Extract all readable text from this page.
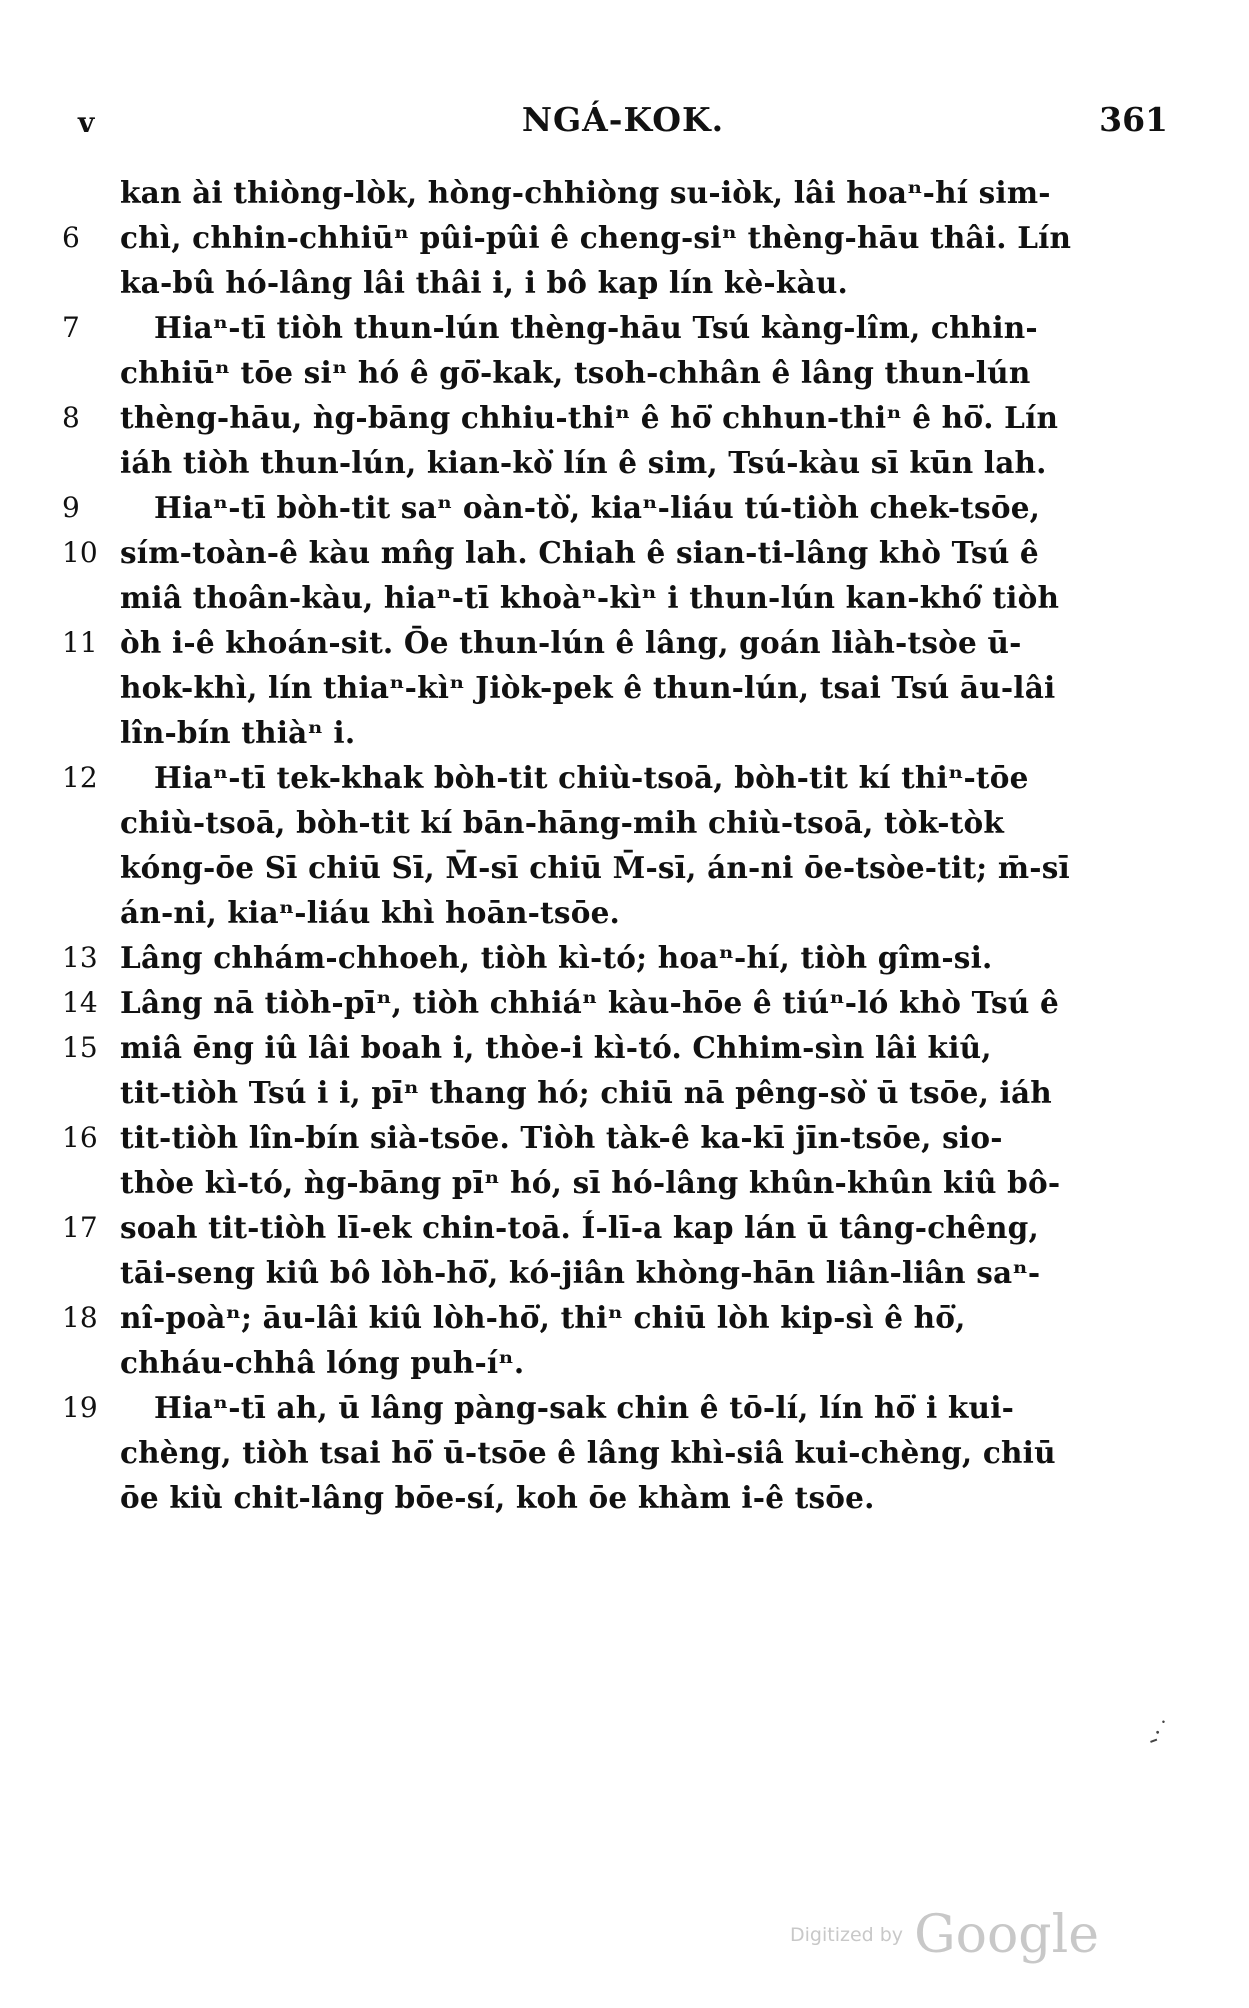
v	NGÁ-KOK.	361
kan ài thiòng-lòk, hòng-chhiòng su-iòk, lâi hoaⁿ-hí sim-
6	chì, chhin-chhiūⁿ pûi-pûi ê cheng-siⁿ thèng-hāu thâi. Lín
ka-bû hó-lâng lâi thâi i, i bô kap lín kè-kàu.
7	Hiaⁿ-tī tiòh thun-lún thèng-hāu Tsú kàng-lîm, chhin-
chhiūⁿ tōe siⁿ hó ê gō͘-kak, tsoh-chhân ê lâng thun-lún
8	thèng-hāu, ǹg-bāng chhiu-thiⁿ ê hō͘ chhun-thiⁿ ê hō͘. Lín
iáh tiòh thun-lún, kian-kò͘ lín ê sim, Tsú-kàu sī kūn lah.
9	Hiaⁿ-tī bòh-tit saⁿ oàn-tò͘, kiaⁿ-liáu tú-tiòh chek-tsōe,
10 sím-toàn-ê kàu mn̂g lah. Chiah ê sian-ti-lâng khò Tsú ê
miâ thoân-kàu, hiaⁿ-tī khoàⁿ-kìⁿ i thun-lún kan-khó͘ tiòh
11 òh i-ê khoán-sit. Ōe thun-lún ê lâng, goán liàh-tsòe ū-
hok-khì, lín thiaⁿ-kìⁿ Jiòk-pek ê thun-lún, tsai Tsú āu-lâi
lîn-bín thiàⁿ i.
12	Hiaⁿ-tī tek-khak bòh-tit chiù-tsoā, bòh-tit kí thiⁿ-tōe
chiù-tsoā, bòh-tit kí bān-hāng-mih chiù-tsoā, tòk-tòk
kóng-ōe Sī chiū Sī, M̄-sī chiū M̄-sī, án-ni ōe-tsòe-tit; m̄-sī
án-ni, kiaⁿ-liáu khì hoān-tsōe.
13 Lâng chhám-chhoeh, tiòh kì-tó; hoaⁿ-hí, tiòh gîm-si.
14 Lâng nā tiòh-pīⁿ, tiòh chhiáⁿ kàu-hōe ê tiúⁿ-ló khò Tsú ê
15 miâ ēng iû lâi boah i, thòe-i kì-tó. Chhim-sìn lâi kiû,
tit-tiòh Tsú i i, pīⁿ thang hó; chiū nā pêng-sò͘ ū tsōe, iáh
16 tit-tiòh lîn-bín sià-tsōe. Tiòh tàk-ê ka-kī jīn-tsōe, sio-
thòe kì-tó, ǹg-bāng pīⁿ hó, sī hó-lâng khûn-khûn kiû bô-
17 soah tit-tiòh lī-ek chin-toā. Í-lī-a kap lán ū tâng-chêng,
tāi-seng kiû bô lòh-hō͘, kó-jiân khòng-hān liân-liân saⁿ-
18 nî-poàⁿ; āu-lâi kiû lòh-hō͘, thiⁿ chiū lòh kip-sì ê hō͘,
chháu-chhâ lóng puh-íⁿ.
19	Hiaⁿ-tī ah, ū lâng pàng-sak chin ê tō-lí, lín hō͘ i kui-
chèng, tiòh tsai hō͘ ū-tsōe ê lâng khì-siâ kui-chèng, chiū
ōe kiù chit-lâng bōe-sí, koh ōe khàm i-ê tsōe.
ـ·˙
Digitized by Google
